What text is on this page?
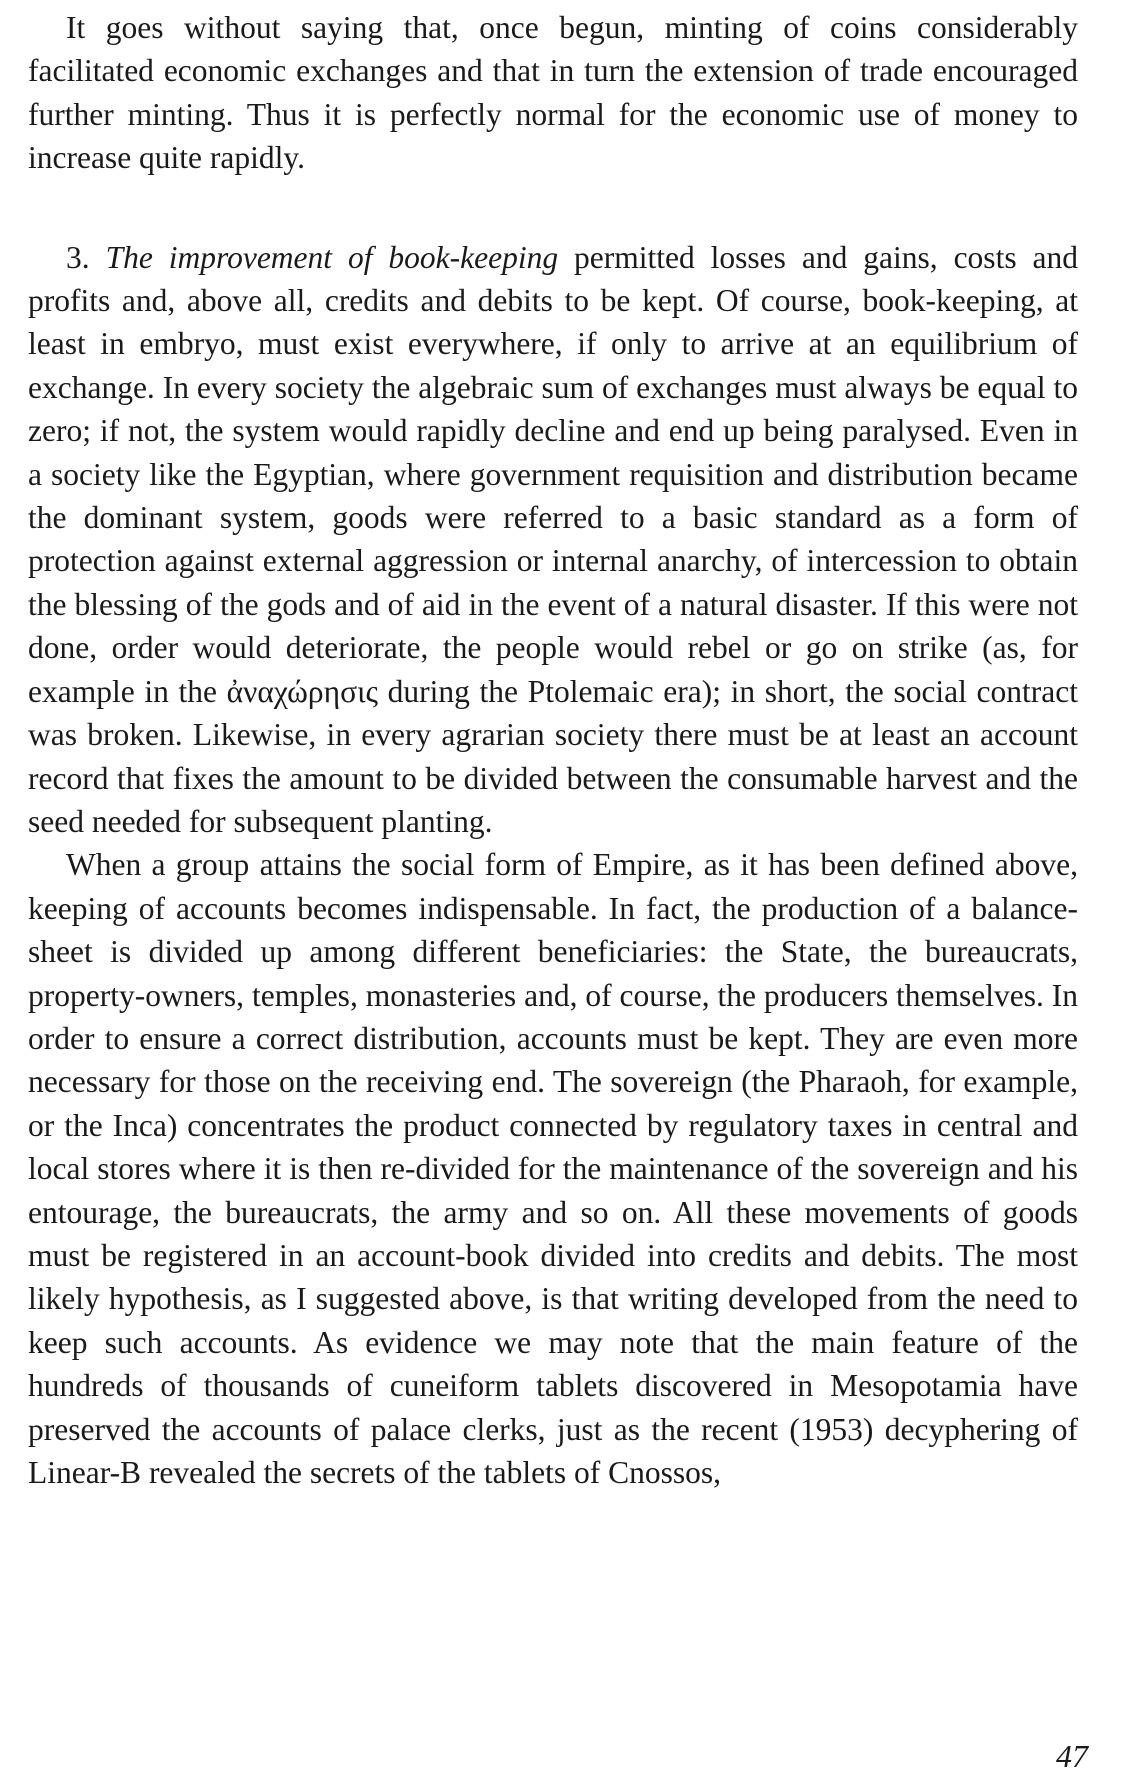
It goes without saying that, once begun, minting of coins considerably facilitated economic exchanges and that in turn the extension of trade encouraged further minting. Thus it is perfectly normal for the economic use of money to increase quite rapidly.

3. The improvement of book-keeping permitted losses and gains, costs and profits and, above all, credits and debits to be kept. Of course, book-keeping, at least in embryo, must exist everywhere, if only to arrive at an equilibrium of exchange. In every society the algebraic sum of exchanges must always be equal to zero; if not, the system would rapidly decline and end up being paralysed. Even in a society like the Egyptian, where government requisition and distribution became the dominant system, goods were referred to a basic standard as a form of protection against external aggression or internal anarchy, of intercession to obtain the blessing of the gods and of aid in the event of a natural disaster. If this were not done, order would deteriorate, the people would rebel or go on strike (as, for example in the ἀναχώρησις during the Ptolemaic era); in short, the social contract was broken. Likewise, in every agrarian society there must be at least an account record that fixes the amount to be divided between the consumable harvest and the seed needed for subsequent planting.

When a group attains the social form of Empire, as it has been defined above, keeping of accounts becomes indispensable. In fact, the production of a balance-sheet is divided up among different beneficiaries: the State, the bureaucrats, property-owners, temples, monasteries and, of course, the producers themselves. In order to ensure a correct distribution, accounts must be kept. They are even more necessary for those on the receiving end. The sovereign (the Pharaoh, for example, or the Inca) concentrates the product connected by regulatory taxes in central and local stores where it is then re-divided for the maintenance of the sovereign and his entourage, the bureaucrats, the army and so on. All these movements of goods must be registered in an account-book divided into credits and debits. The most likely hypothesis, as I suggested above, is that writing developed from the need to keep such accounts. As evidence we may note that the main feature of the hundreds of thousands of cuneiform tablets discovered in Mesopotamia have preserved the accounts of palace clerks, just as the recent (1953) decyphering of Linear-B revealed the secrets of the tablets of Cnossos,

47
